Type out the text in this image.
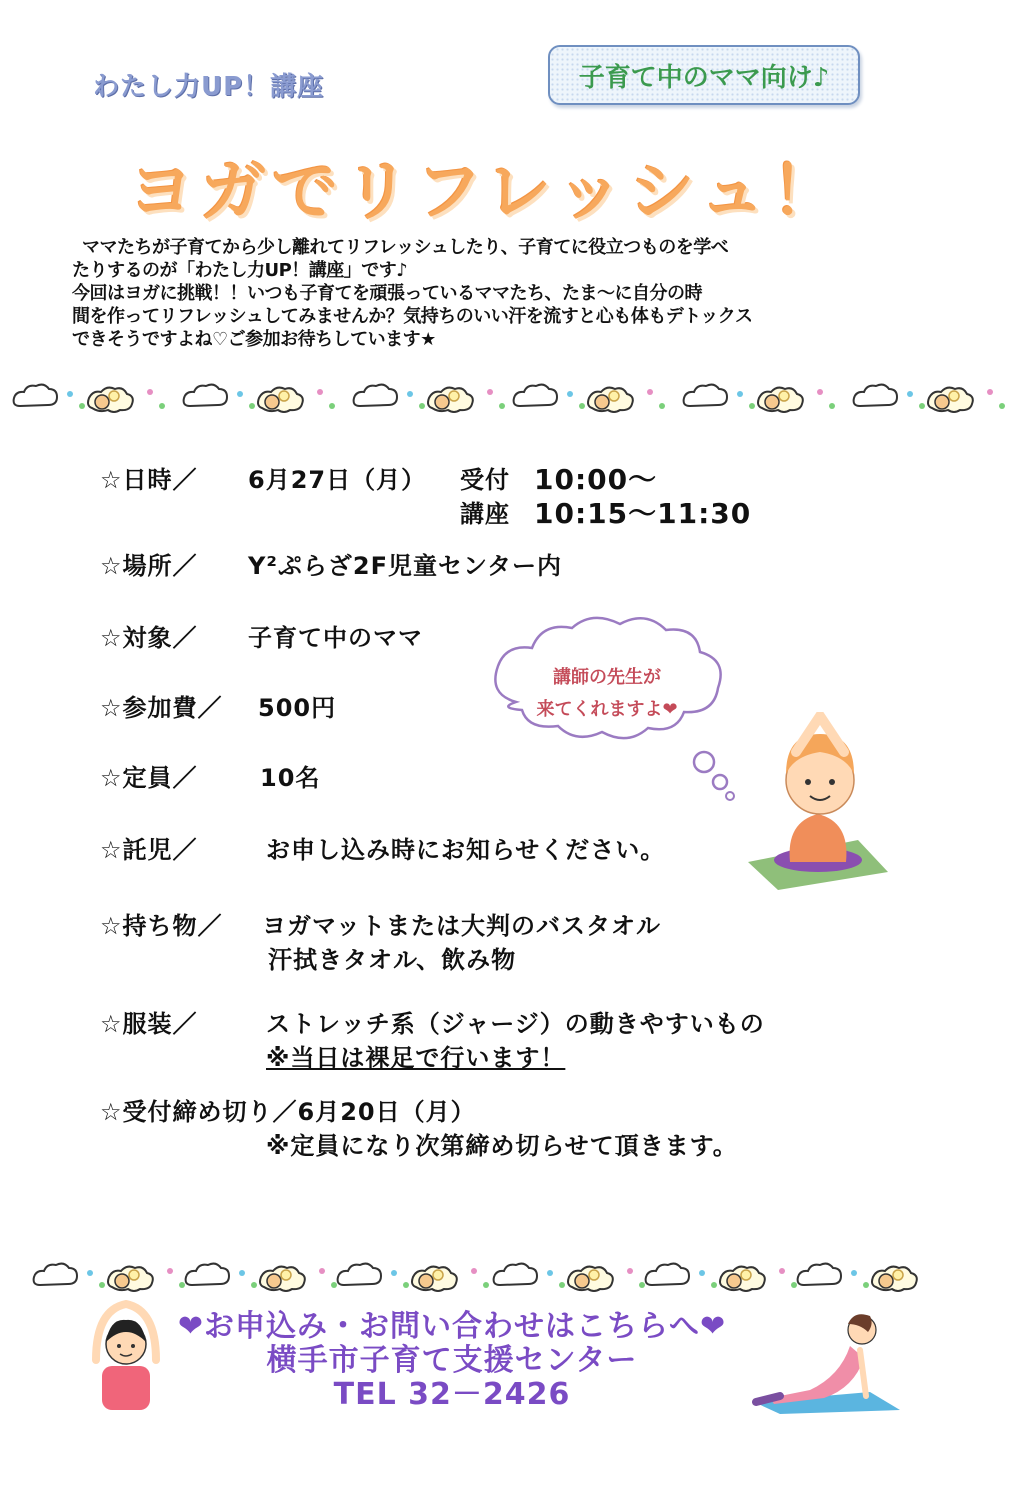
わたし力UP！講座	子育て中のママ向け♪
ヨガでリフレッシュ！

ママたちが子育てから少し離れてリフレッシュしたり、子育てに役立つものを学べ

たりするのが「わたし力UP！講座」です♪

今回はヨガに挑戦！！いつも子育てを頑張っているママたち、たま～に自分の時

間を作ってリフレッシュしてみませんか？気持ちのいい汗を流すと心も体もデトックス

できそうですよね♡ご参加お待ちしています★

☆日時／ 6月27日（月） 受付 10:00～
講座 10:15～11:30
☆場所／ Y²ぷらざ2F児童センター内
☆対象／ 子育て中のママ
☆参加費／ 500円
☆定員／	10名
☆託児／	お申し込み時にお知らせください。
☆持ち物／ ヨガマットまたは大判のバスタオル
汗拭きタオル、飲み物
☆服装／	ストレッチ系（ジャージ）の動きやすいもの
※当日は裸足で行います！
☆受付締め切り／6月20日（月）
※定員になり次第締め切らせて頂きます。
講師の先生が
来てくれますよ❤
❤お申込み・お問い合わせはこちらへ❤
横手市子育て支援センター
TEL 32－2426
